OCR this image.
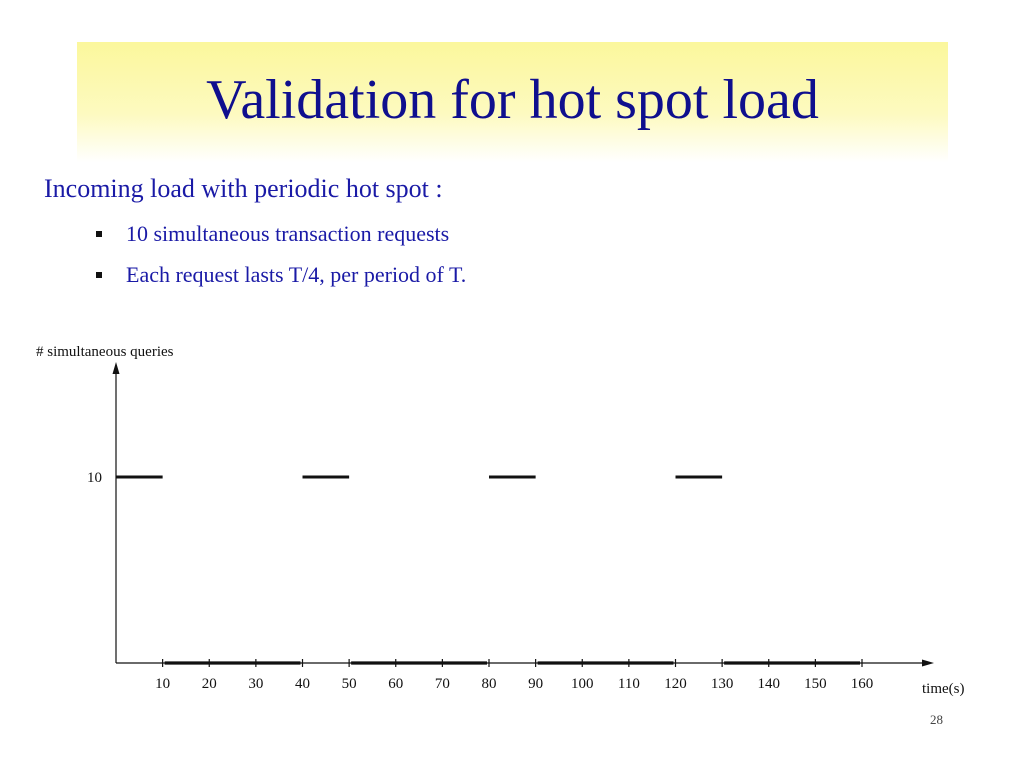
Validation for hot spot load

Incoming load with periodic hot spot :

10 simultaneous transaction requests
Each request lasts T/4, per period of T.
# simultaneous queries
time(s)
10
10 20 30 40 50 60 70 80 90 100 110 120 130 140 150 160
28
